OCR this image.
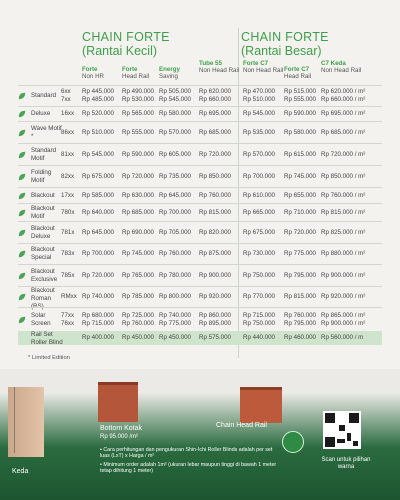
CHAIN FORTE
(Rantai Kecil)
CHAIN FORTE
(Rantai Besar)
Forte
Non HR
Forte
Head Rail
Energy
Saving
Tube 55
Non Head Rail
Forte C7
Non Head Rail Forte C7
Head Rail
C7 Keda
Non Head Rail
Standard
6xx
7xx
Rp 445.000
Rp 485.000
Rp 490.000
Rp 530.000
Rp 505.000
Rp 545.000
Rp 620.000
Rp 660.000
Rp 470.000
Rp 510.000
Rp 515.000
Rp 555.000
Rp 620.000 / m²
Rp 660.000 / m²
Deluxe	16xx Rp 520.000 Rp 565.000 Rp 580.000 Rp 695.000 Rp 545.000 Rp 590.000 Rp 695.000 / m²
Wave Motif *
86xx Rp 510.000 Rp 555.000 Rp 570.000 Rp 685.000 Rp 535.000 Rp 580.000 Rp 685.000 / m²
Standard Motif
81xx Rp 545.000 Rp 590.000 Rp 605.000 Rp 720.000 Rp 570.000 Rp 615.000 Rp 720.000 / m²
Folding Motif
82xx Rp 675.000 Rp 720.000 Rp 735.000 Rp 850.000 Rp 700.000 Rp 745.000 Rp 850.000 / m²
Blackout	17xx Rp 585.000 Rp 630.000 Rp 645.000 Rp 760.000 Rp 610.000 Rp 655.000 Rp 760.000 / m²
Blackout Motif
780x Rp 640.000 Rp 685.000 Rp 700.000 Rp 815.000 Rp 665.000 Rp 710.000 Rp 815.000 / m²
Blackout Deluxe
781x Rp 645.000 Rp 690.000 Rp 705.000 Rp 820.000 Rp 675.000 Rp 720.000 Rp 825.000 / m²
Blackout Special
783x Rp 700.000 Rp 745.000 Rp 760.000 Rp 875.000 Rp 730.000 Rp 775.000 Rp 880.000 / m²
Blackout Exclusive
785x Rp 720.000 Rp 765.000 Rp 780.000 Rp 900.000 Rp 750.000 Rp 795.000 Rp 900.000 / m²
Blackout Roman (RS)
RMxx Rp 740.000 Rp 785.000 Rp 800.000 Rp 920.000 Rp 770.000 Rp 815.000 Rp 920.000 / m²
Solar Screen
77xx
76xx
Rp 680.000
Rp 715.000
Rp 725.000
Rp 760.000
Rp 740.000
Rp 775.000
Rp 860.000
Rp 895.000
Rp 715.000
Rp 750.000
Rp 760.000
Rp 795.000
Rp 865.000 / m²
Rp 900.000 / m²
Rail Set Roller Blind
Rp 400.000 Rp 450.000 Rp 450.000 Rp 575.000 Rp 440.000 Rp 460.000 Rp 560.000 / m
* Limited Edition
Bottom Kotak
Rp 95.000 /m²
Chain Head Rail
Keda
• Cara perhitungan dan pengukuran Shin-Ichi Roller Blinds adalah per set luas (LxT) x Harga / m²
• Minimum order adalah 1m² (ukuran lebar maupun tinggi di bawah 1 meter tetap dihitung 1 meter)
Scan untuk pilihan warna
